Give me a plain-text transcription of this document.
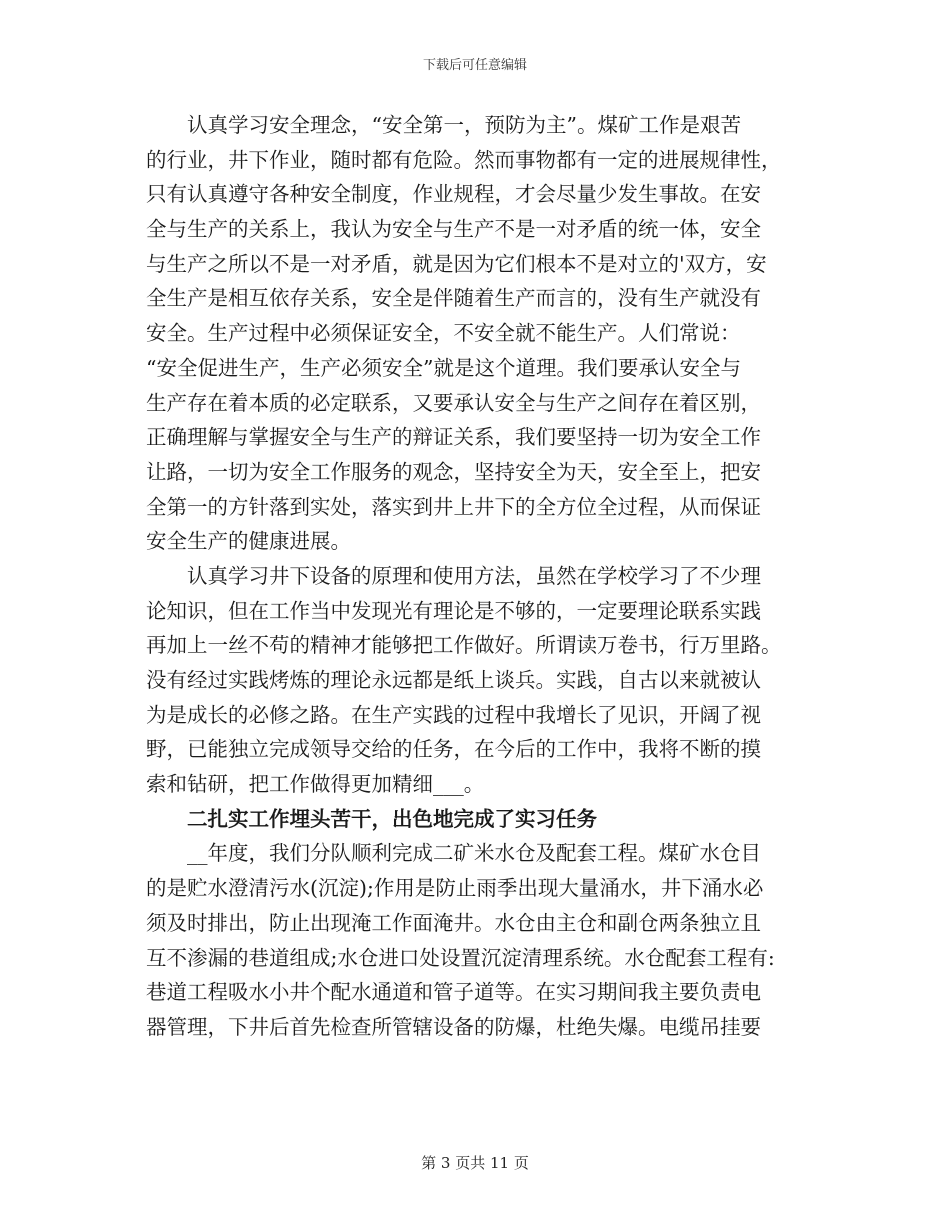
下载后可任意编辑
认真学习安全理念，“安全第一，预防为主”。煤矿工作是艰苦
的行业，井下作业，随时都有危险。然而事物都有一定的进展规律性，
只有认真遵守各种安全制度，作业规程，才会尽量少发生事故。在安
全与生产的关系上，我认为安全与生产不是一对矛盾的统一体，安全
与生产之所以不是一对矛盾，就是因为它们根本不是对立的'双方，安
全生产是相互依存关系，安全是伴随着生产而言的，没有生产就没有
安全。生产过程中必须保证安全，不安全就不能生产。人们常说：
“安全促进生产，生产必须安全”就是这个道理。我们要承认安全与
生产存在着本质的必定联系，又要承认安全与生产之间存在着区别，
正确理解与掌握安全与生产的辩证关系，我们要坚持一切为安全工作
让路，一切为安全工作服务的观念，坚持安全为天，安全至上，把安
全第一的方针落到实处，落实到井上井下的全方位全过程，从而保证
安全生产的健康进展。
认真学习井下设备的原理和使用方法，虽然在学校学习了不少理
论知识，但在工作当中发现光有理论是不够的，一定要理论联系实践
再加上一丝不苟的精神才能够把工作做好。所谓读万卷书，行万里路。
没有经过实践烤炼的理论永远都是纸上谈兵。实践，自古以来就被认
为是成长的必修之路。在生产实践的过程中我增长了见识，开阔了视
野，已能独立完成领导交给的任务，在今后的工作中，我将不断的摸
索和钻研，把工作做得更加精细___。
二扎实工作埋头苦干，出色地完成了实习任务
__年度，我们分队顺利完成二矿米水仓及配套工程。煤矿水仓目
的是贮水澄清污水(沉淀);作用是防止雨季出现大量涌水，井下涌水必
须及时排出，防止出现淹工作面淹井。水仓由主仓和副仓两条独立且
互不渗漏的巷道组成;水仓进口处设置沉淀清理系统。水仓配套工程有:
巷道工程吸水小井个配水通道和管子道等。在实习期间我主要负责电
器管理，下井后首先检查所管辖设备的防爆，杜绝失爆。电缆吊挂要
第 3 页共 11 页
